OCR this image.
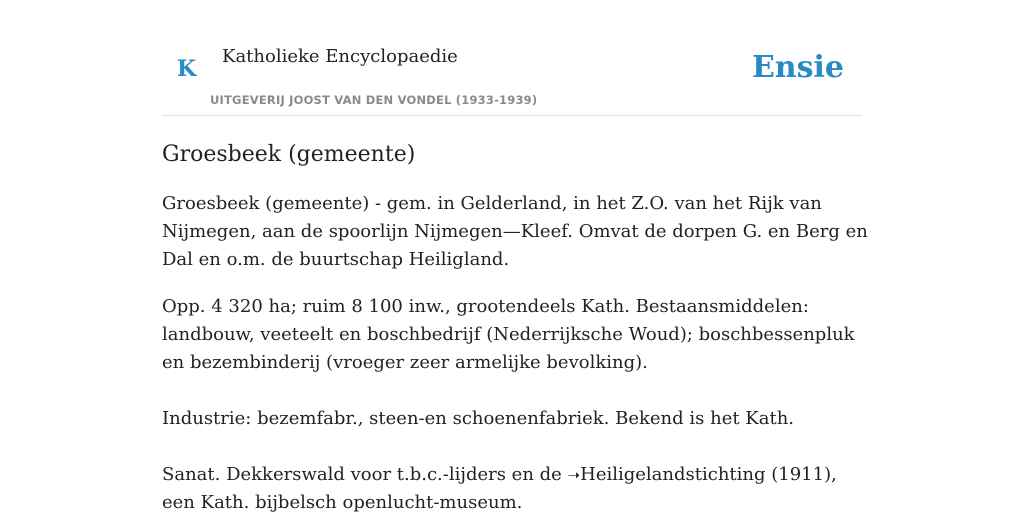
K Katholieke Encyclopaedie
UITGEVERIJ JOOST VAN DEN VONDEL (1933-1939)
Ensie
Groesbeek (gemeente)

Groesbeek (gemeente) - gem. in Gelderland, in het Z.O. van het Rijk van Nijmegen, aan de spoorlijn Nijmegen—Kleef. Omvat de dorpen G. en Berg en Dal en o.m. de buurtschap Heiligland.

Opp. 4 320 ha; ruim 8 100 inw., grootendeels Kath. Bestaansmiddelen: landbouw, veeteelt en boschbedrijf (Nederrijksche Woud); boschbessenpluk en bezembinderij (vroeger zeer armelijke bevolking).

Industrie: bezemfabr., steen-en schoenenfabriek. Bekend is het Kath.

Sanat. Dekkerswald voor t.b.c.-lijders en de ➝Heiligelandstichting (1911), een Kath. bijbelsch openlucht-museum.
